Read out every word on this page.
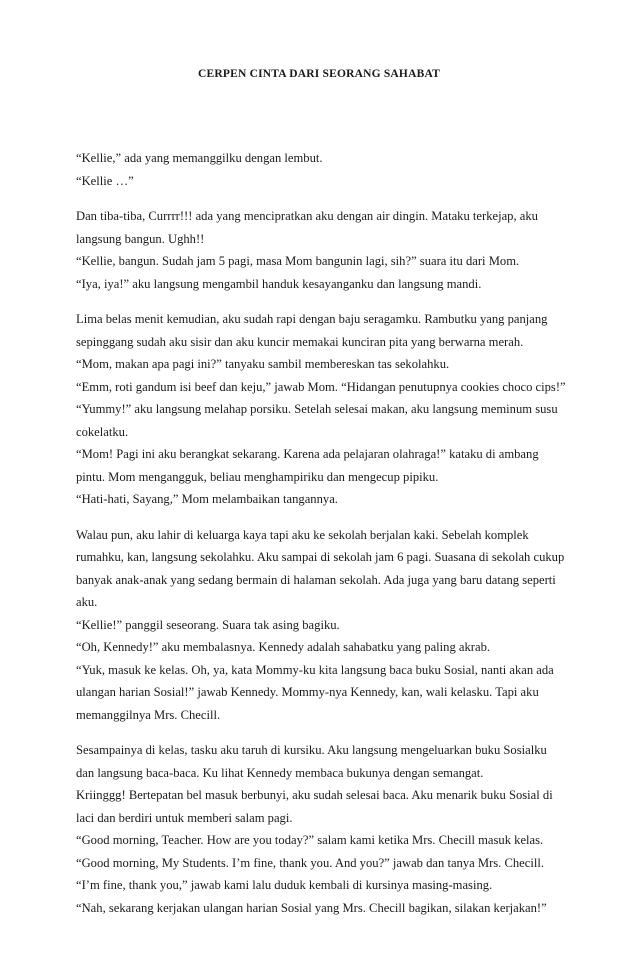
CERPEN CINTA DARI SEORANG SAHABAT
“Kellie,” ada yang memanggilku dengan lembut.
“Kellie …”
Dan tiba-tiba, Currrr!!! ada yang mencipratkan aku dengan air dingin. Mataku terkejap, aku
langsung bangun. Ughh!!
“Kellie, bangun. Sudah jam 5 pagi, masa Mom bangunin lagi, sih?” suara itu dari Mom.
“Iya, iya!” aku langsung mengambil handuk kesayanganku dan langsung mandi.
Lima belas menit kemudian, aku sudah rapi dengan baju seragamku. Rambutku yang panjang
sepinggang sudah aku sisir dan aku kuncir memakai kunciran pita yang berwarna merah.
“Mom, makan apa pagi ini?” tanyaku sambil membereskan tas sekolahku.
“Emm, roti gandum isi beef dan keju,” jawab Mom. “Hidangan penutupnya cookies choco cips!”
“Yummy!” aku langsung melahap porsiku. Setelah selesai makan, aku langsung meminum susu
cokelatku.
“Mom! Pagi ini aku berangkat sekarang. Karena ada pelajaran olahraga!” kataku di ambang
pintu. Mom mengangguk, beliau menghampiriku dan mengecup pipiku.
“Hati-hati, Sayang,” Mom melambaikan tangannya.
Walau pun, aku lahir di keluarga kaya tapi aku ke sekolah berjalan kaki. Sebelah komplek
rumahku, kan, langsung sekolahku. Aku sampai di sekolah jam 6 pagi. Suasana di sekolah cukup
banyak anak-anak yang sedang bermain di halaman sekolah. Ada juga yang baru datang seperti
aku.
“Kellie!” panggil seseorang. Suara tak asing bagiku.
“Oh, Kennedy!” aku membalasnya. Kennedy adalah sahabatku yang paling akrab.
“Yuk, masuk ke kelas. Oh, ya, kata Mommy-ku kita langsung baca buku Sosial, nanti akan ada
ulangan harian Sosial!” jawab Kennedy. Mommy-nya Kennedy, kan, wali kelasku. Tapi aku
memanggilnya Mrs. Checill.
Sesampainya di kelas, tasku aku taruh di kursiku. Aku langsung mengeluarkan buku Sosialku
dan langsung baca-baca. Ku lihat Kennedy membaca bukunya dengan semangat.
Kriinggg! Bertepatan bel masuk berbunyi, aku sudah selesai baca. Aku menarik buku Sosial di
laci dan berdiri untuk memberi salam pagi.
“Good morning, Teacher. How are you today?” salam kami ketika Mrs. Checill masuk kelas.
“Good morning, My Students. I’m fine, thank you. And you?” jawab dan tanya Mrs. Checill.
“I’m fine, thank you,” jawab kami lalu duduk kembali di kursinya masing-masing.
“Nah, sekarang kerjakan ulangan harian Sosial yang Mrs. Checill bagikan, silakan kerjakan!”
